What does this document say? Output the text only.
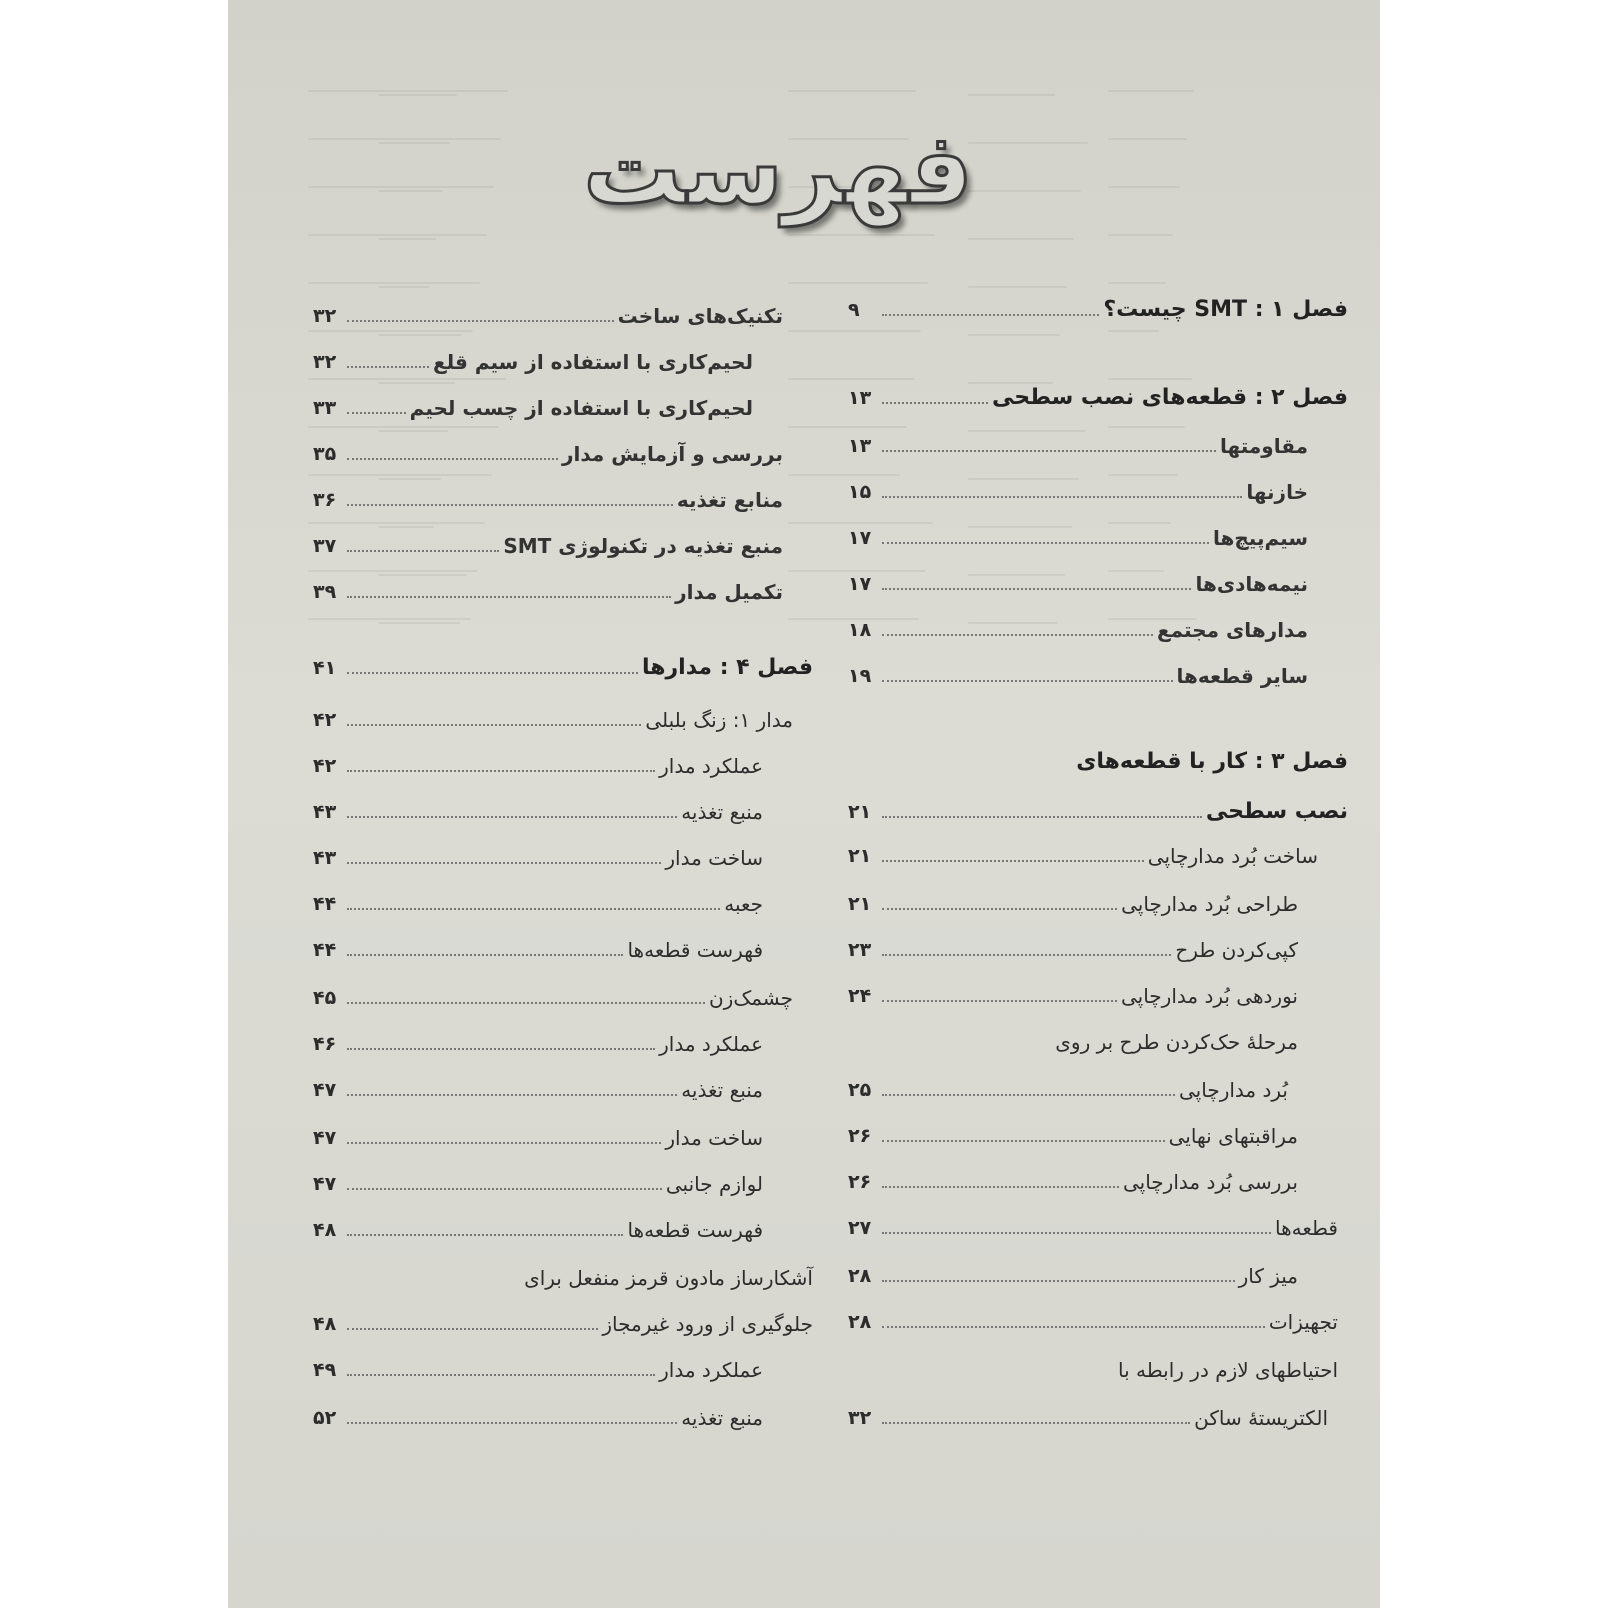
فهرست
فصل ۱ : SMT چیست؟
۹
فصل ۲ : قطعه‌های نصب سطحی
۱۳
مقاومتها
۱۳
خازنها
۱۵
سیم‌پیچ‌ها
۱۷
نیمه‌هادی‌ها
۱۷
مدارهای مجتمع
۱۸
سایر قطعه‌ها
۱۹
فصل ۳ : کار با قطعه‌های
نصب سطحی
۲۱
ساخت بُرد مدارچاپی
۲۱
طراحی بُرد مدارچاپی
۲۱
کپی‌کردن طرح
۲۳
نوردهی بُرد مدارچاپی
۲۴
مرحلهٔ حک‌کردن طرح بر روی
بُرد مدارچاپی
۲۵
مراقبتهای نهایی
۲۶
بررسی بُرد مدارچاپی
۲۶
قطعه‌ها
۲۷
میز کار
۲۸
تجهیزات
۲۸
احتیاطهای لازم در رابطه با
الکتریستهٔ ساکن
۳۲
تکنیک‌های ساخت
۳۲
لحیم‌کاری با استفاده از سیم قلع
۳۲
لحیم‌کاری با استفاده از چسب لحیم
۳۳
بررسی و آزمایش مدار
۳۵
منابع تغذیه
۳۶
منبع تغذیه در تکنولوژی SMT
۳۷
تکمیل مدار
۳۹
فصل ۴ : مدارها
۴۱
مدار ۱: زنگ بلبلی
۴۲
عملکرد مدار
۴۲
منبع تغذیه
۴۳
ساخت مدار
۴۳
جعبه
۴۴
فهرست قطعه‌ها
۴۴
چشمک‌زن
۴۵
عملکرد مدار
۴۶
منبع تغذیه
۴۷
ساخت مدار
۴۷
لوازم جانبی
۴۷
فهرست قطعه‌ها
۴۸
آشکارساز مادون قرمز منفعل برای
جلوگیری از ورود غیرمجاز
۴۸
عملکرد مدار
۴۹
منبع تغذیه
۵۲
